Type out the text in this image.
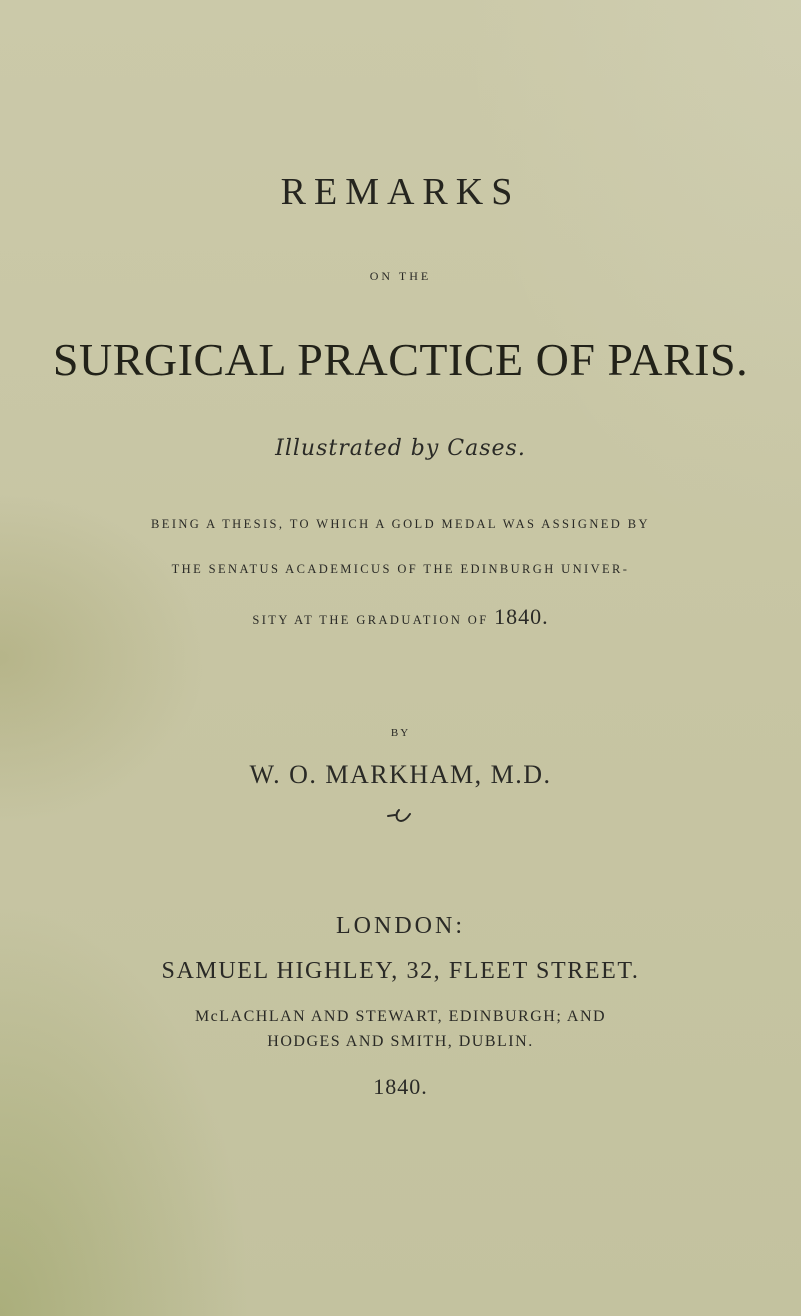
REMARKS
ON THE
SURGICAL PRACTICE OF PARIS.
Illustrated by Cases.
BEING A THESIS, TO WHICH A GOLD MEDAL WAS ASSIGNED BY
THE SENATUS ACADEMICUS OF THE EDINBURGH UNIVER-
SITY AT THE GRADUATION OF 1840.
BY
W. O. MARKHAM, M.D.
LONDON:
SAMUEL HIGHLEY, 32, FLEET STREET.
McLACHLAN AND STEWART, EDINBURGH; AND
HODGES AND SMITH, DUBLIN.
1840.
